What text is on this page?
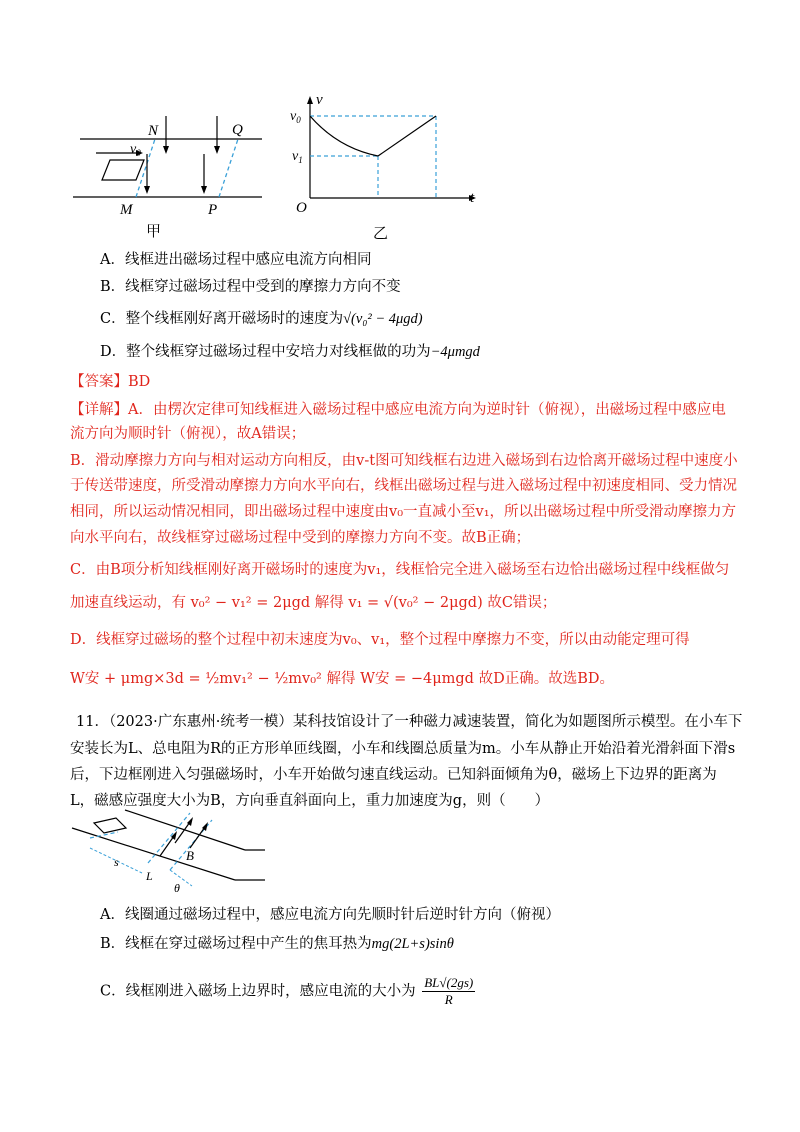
N	Q
$v_0$
M	P
甲
v
$v_0$
$v_1$
O
t
乙
A．线框进出磁场过程中感应电流方向相同
B．线框穿过磁场过程中受到的摩擦力方向不变
C．整个线框刚好离开磁场时的速度为√(v₀² − 4μgd)
D．整个线框穿过磁场过程中安培力对线框做的功为−4μmgd
【答案】BD
【详解】A．由楞次定律可知线框进入磁场过程中感应电流方向为逆时针（俯视），出磁场过程中感应电
流方向为顺时针（俯视），故A错误；
B．滑动摩擦力方向与相对运动方向相反，由v-t图可知线框右边进入磁场到右边恰离开磁场过程中速度小
于传送带速度，所受滑动摩擦力方向水平向右，线框出磁场过程与进入磁场过程中初速度相同、受力情况
相同，所以运动情况相同，即出磁场过程中速度由v₀一直减小至v₁，所以出磁场过程中所受滑动摩擦力方
向水平向右，故线框穿过磁场过程中受到的摩擦力方向不变。故B正确；
C．由B项分析知线框刚好离开磁场时的速度为v₁，线框恰完全进入磁场至右边恰出磁场过程中线框做匀
加速直线运动，有 v₀² − v₁² = 2μgd 解得 v₁ = √(v₀² − 2μgd) 故C错误；
D．线框穿过磁场的整个过程中初末速度为v₀、v₁，整个过程中摩擦力不变，所以由动能定理可得
W安 + μmg×3d = ½mv₁² − ½mv₀² 解得 W安 = −4μmgd 故D正确。故选BD。
11．（2023·广东惠州·统考一模）某科技馆设计了一种磁力减速装置，简化为如题图所示模型。在小车下
安装长为L、总电阻为R的正方形单匝线圈，小车和线圈总质量为m。小车从静止开始沿着光滑斜面下滑s
后，下边框刚进入匀强磁场时，小车开始做匀速直线运动。已知斜面倾角为θ，磁场上下边界的距离为
L，磁感应强度大小为B，方向垂直斜面向上，重力加速度为g，则（　　）
B
s
L
θ
A．线圈通过磁场过程中，感应电流方向先顺时针后逆时针方向（俯视）
B．线框在穿过磁场过程中产生的焦耳热为mg(2L+s)sinθ
C．线框刚进入磁场上边界时，感应电流的大小为 $\frac{BL√(2gs)}{R}$
